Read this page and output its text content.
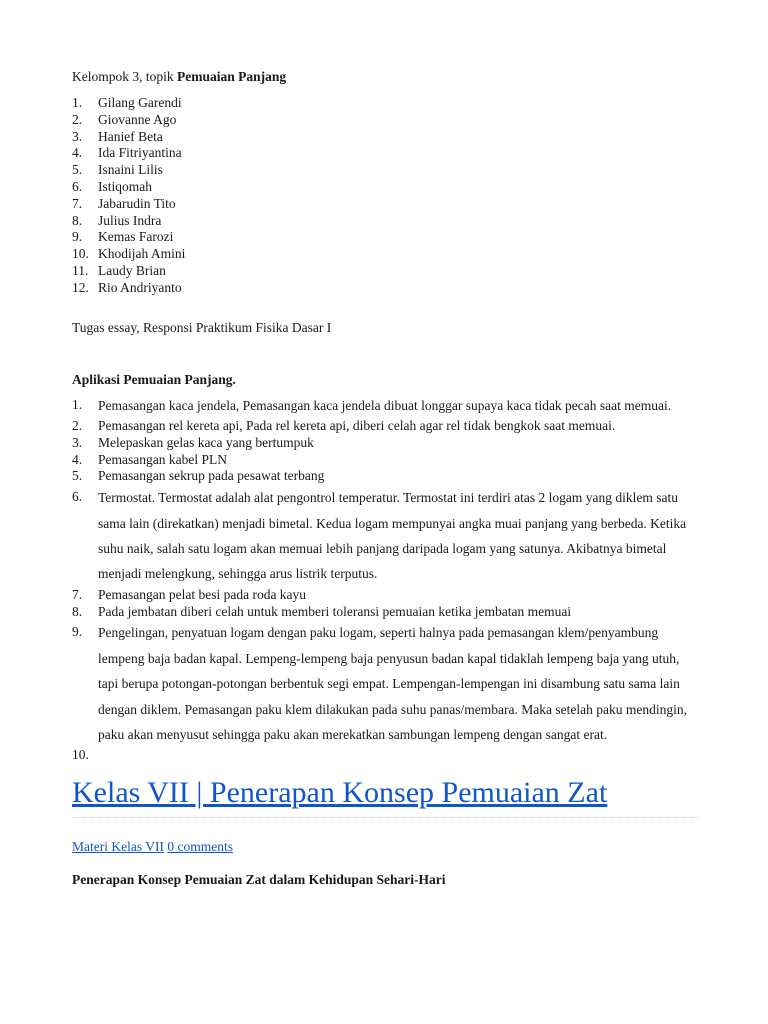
Kelompok 3, topik Pemuaian Panjang

1. Gilang Garendi
2. Giovanne Ago
3. Hanief Beta
4. Ida Fitriyantina
5. Isnaini Lilis
6. Istiqomah
7. Jabarudin Tito
8. Julius Indra
9. Kemas Farozi
10. Khodijah Amini
11. Laudy Brian
12. Rio Andriyanto

Tugas essay, Responsi Praktikum Fisika Dasar I

Aplikasi Pemuaian Panjang.

1. Pemasangan kaca jendela, Pemasangan kaca jendela dibuat longgar supaya kaca tidak pecah saat memuai.
2. Pemasangan rel kereta api, Pada rel kereta api, diberi celah agar rel tidak bengkok saat memuai.
3. Melepaskan gelas kaca yang bertumpuk
4. Pemasangan kabel PLN
5. Pemasangan sekrup pada pesawat terbang
6. Termostat. Termostat adalah alat pengontrol temperatur. Termostat ini terdiri atas 2 logam yang diklem satu sama lain (direkatkan) menjadi bimetal. Kedua logam mempunyai angka muai panjang yang berbeda. Ketika suhu naik, salah satu logam akan memuai lebih panjang daripada logam yang satunya. Akibatnya bimetal menjadi melengkung, sehingga arus listrik terputus.
7. Pemasangan pelat besi pada roda kayu
8. Pada jembatan diberi celah untuk memberi toleransi pemuaian ketika jembatan memuai
9. Pengelingan, penyatuan logam dengan paku logam, seperti halnya pada pemasangan klem/penyambung lempeng baja badan kapal. Lempeng-lempeng baja penyusun badan kapal tidaklah lempeng baja yang utuh, tapi berupa potongan-potongan berbentuk segi empat. Lempengan-lempengan ini disambung satu sama lain dengan diklem. Pemasangan paku klem dilakukan pada suhu panas/membara. Maka setelah paku mendingin, paku akan menyusut sehingga paku akan merekatkan sambungan lempeng dengan sangat erat.
10.
Kelas VII | Penerapan Konsep Pemuaian Zat

Materi Kelas VII 0 comments

Penerapan Konsep Pemuaian Zat dalam Kehidupan Sehari-Hari
